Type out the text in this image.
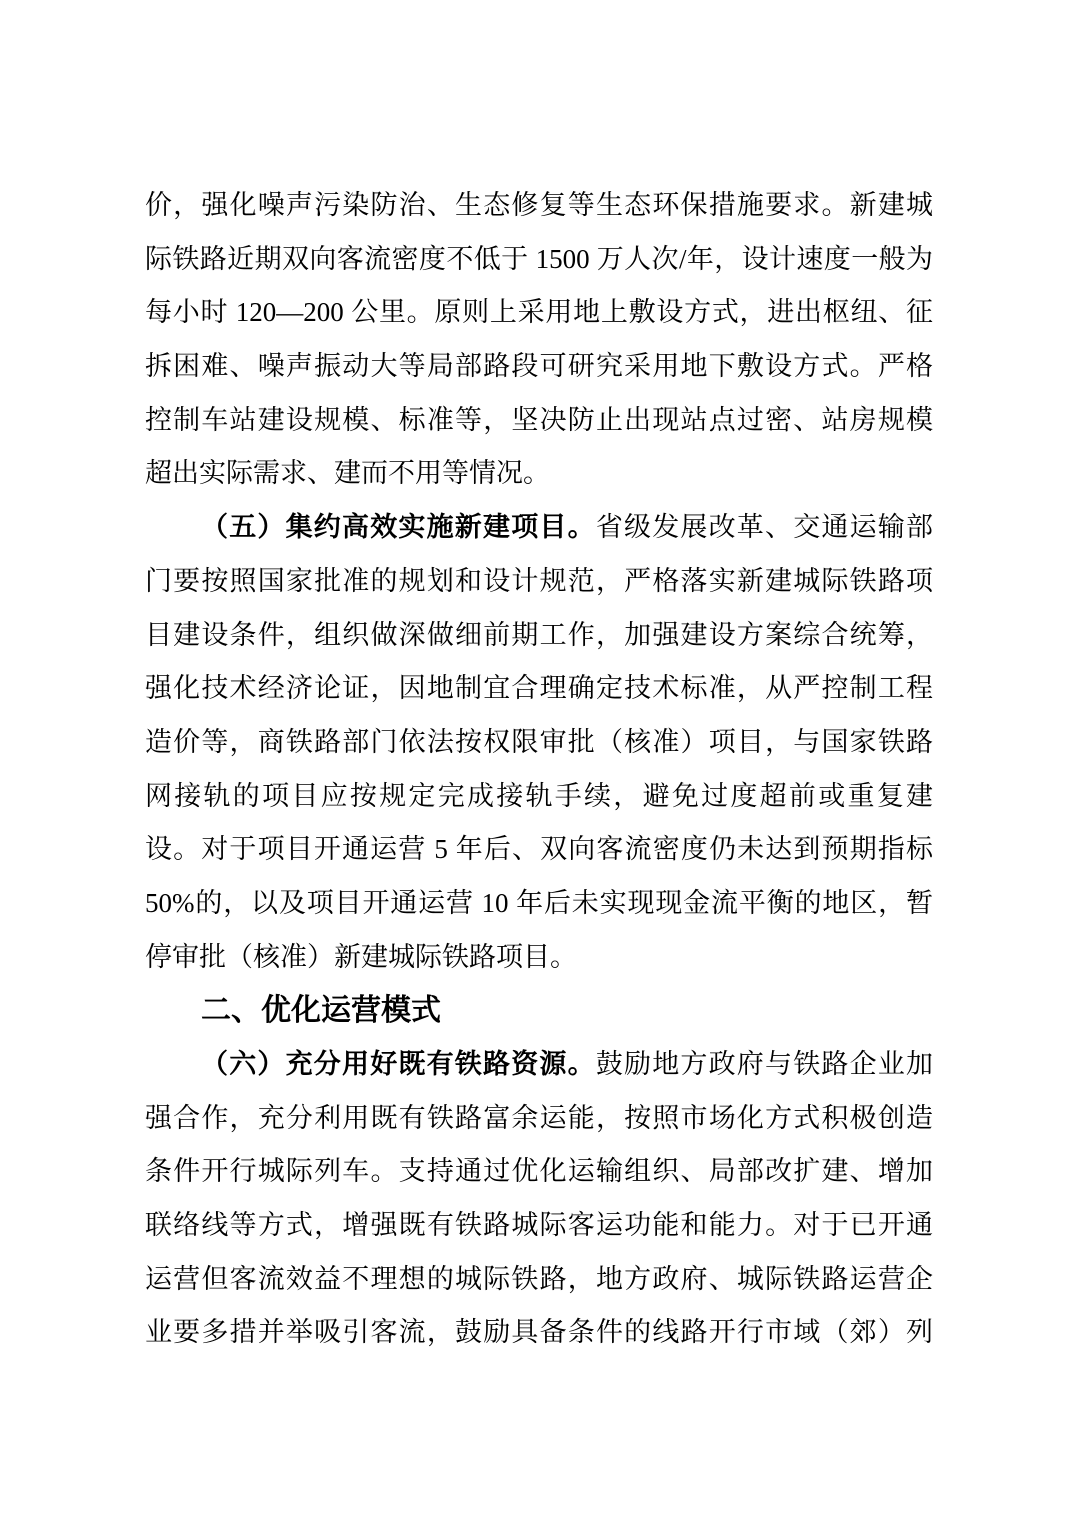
价，强化噪声污染防治、生态修复等生态环保措施要求。新建城
际铁路近期双向客流密度不低于 1500 万人次/年，设计速度一般为
每小时 120—200 公里。原则上采用地上敷设方式，进出枢纽、征
拆困难、噪声振动大等局部路段可研究采用地下敷设方式。严格
控制车站建设规模、标准等，坚决防止出现站点过密、站房规模
超出实际需求、建而不用等情况。
（五）集约高效实施新建项目。省级发展改革、交通运输部
门要按照国家批准的规划和设计规范，严格落实新建城际铁路项
目建设条件，组织做深做细前期工作，加强建设方案综合统筹，
强化技术经济论证，因地制宜合理确定技术标准，从严控制工程
造价等，商铁路部门依法按权限审批（核准）项目，与国家铁路
网接轨的项目应按规定完成接轨手续，避免过度超前或重复建
设。对于项目开通运营 5 年后、双向客流密度仍未达到预期指标
50%的，以及项目开通运营 10 年后未实现现金流平衡的地区，暂
停审批（核准）新建城际铁路项目。
二、优化运营模式
（六）充分用好既有铁路资源。鼓励地方政府与铁路企业加
强合作，充分利用既有铁路富余运能，按照市场化方式积极创造
条件开行城际列车。支持通过优化运输组织、局部改扩建、增加
联络线等方式，增强既有铁路城际客运功能和能力。对于已开通
运营但客流效益不理想的城际铁路，地方政府、城际铁路运营企
业要多措并举吸引客流，鼓励具备条件的线路开行市域（郊）列
